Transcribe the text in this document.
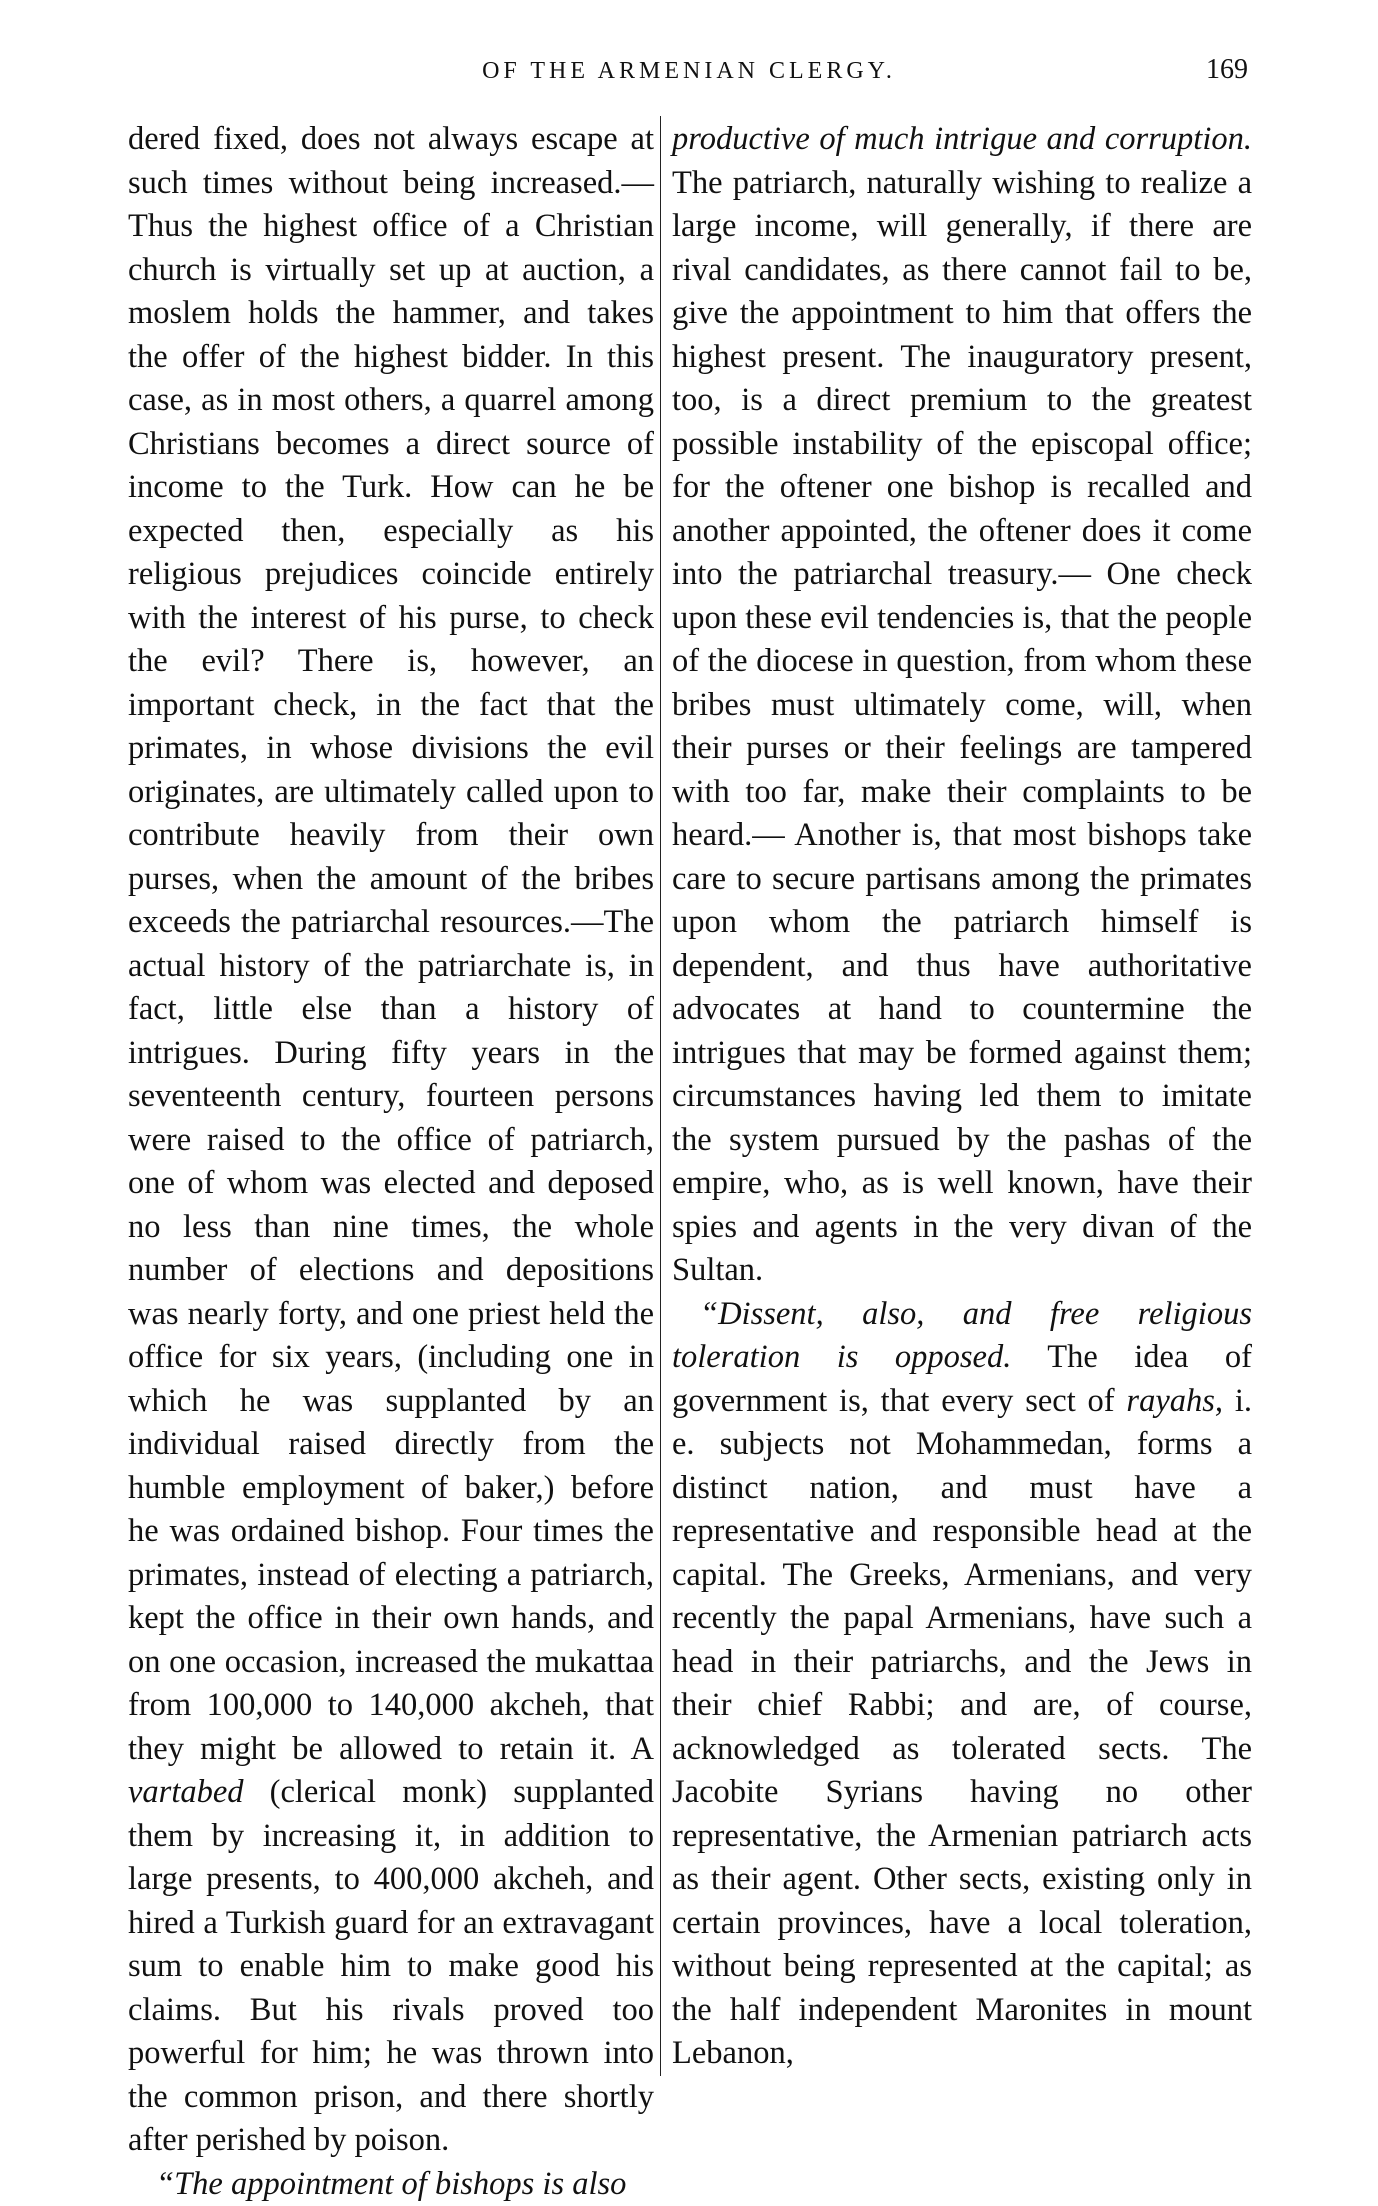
OF THE ARMENIAN CLERGY.	169

dered fixed, does not always escape at such times without being increased.— Thus the highest office of a Christian church is virtually set up at auction, a moslem holds the hammer, and takes the offer of the highest bidder. In this case, as in most others, a quarrel among Christians becomes a direct source of income to the Turk. How can he be expected then, especially as his religious prejudices coincide entirely with the interest of his purse, to check the evil? There is, however, an important check, in the fact that the primates, in whose divisions the evil originates, are ultimately called upon to contribute heavily from their own purses, when the amount of the bribes exceeds the patriarchal resources.—The actual history of the patriarchate is, in fact, little else than a history of intrigues. During fifty years in the seventeenth century, fourteen persons were raised to the office of patriarch, one of whom was elected and deposed no less than nine times, the whole number of elections and depositions was nearly forty, and one priest held the office for six years, (including one in which he was supplanted by an individual raised directly from the humble employment of baker,) before he was ordained bishop. Four times the primates, instead of electing a patriarch, kept the office in their own hands, and on one occasion, increased the mukattaa from 100,000 to 140,000 akcheh, that they might be allowed to retain it. A vartabed (clerical monk) supplanted them by increasing it, in addition to large presents, to 400,000 akcheh, and hired a Turkish guard for an extravagant sum to enable him to make good his claims. But his rivals proved too powerful for him; he was thrown into the common prison, and there shortly after perished by poison.

“The appointment of bishops is also

productive of much intrigue and corruption. The patriarch, naturally wishing to realize a large income, will generally, if there are rival candidates, as there cannot fail to be, give the appointment to him that offers the highest present. The inauguratory present, too, is a direct premium to the greatest possible instability of the episcopal office; for the oftener one bishop is recalled and another appointed, the oftener does it come into the patriarchal treasury.— One check upon these evil tendencies is, that the people of the diocese in question, from whom these bribes must ultimately come, will, when their purses or their feelings are tampered with too far, make their complaints to be heard.— Another is, that most bishops take care to secure partisans among the primates upon whom the patriarch himself is dependent, and thus have authoritative advocates at hand to countermine the intrigues that may be formed against them; circumstances having led them to imitate the system pursued by the pashas of the empire, who, as is well known, have their spies and agents in the very divan of the Sultan.

“Dissent, also, and free religious toleration is opposed. The idea of government is, that every sect of rayahs, i. e. subjects not Mohammedan, forms a distinct nation, and must have a representative and responsible head at the capital. The Greeks, Armenians, and very recently the papal Armenians, have such a head in their patriarchs, and the Jews in their chief Rabbi; and are, of course, acknowledged as tolerated sects. The Jacobite Syrians having no other representative, the Armenian patriarch acts as their agent. Other sects, existing only in certain provinces, have a local toleration, without being represented at the capital; as the half independent Maronites in mount Lebanon,
